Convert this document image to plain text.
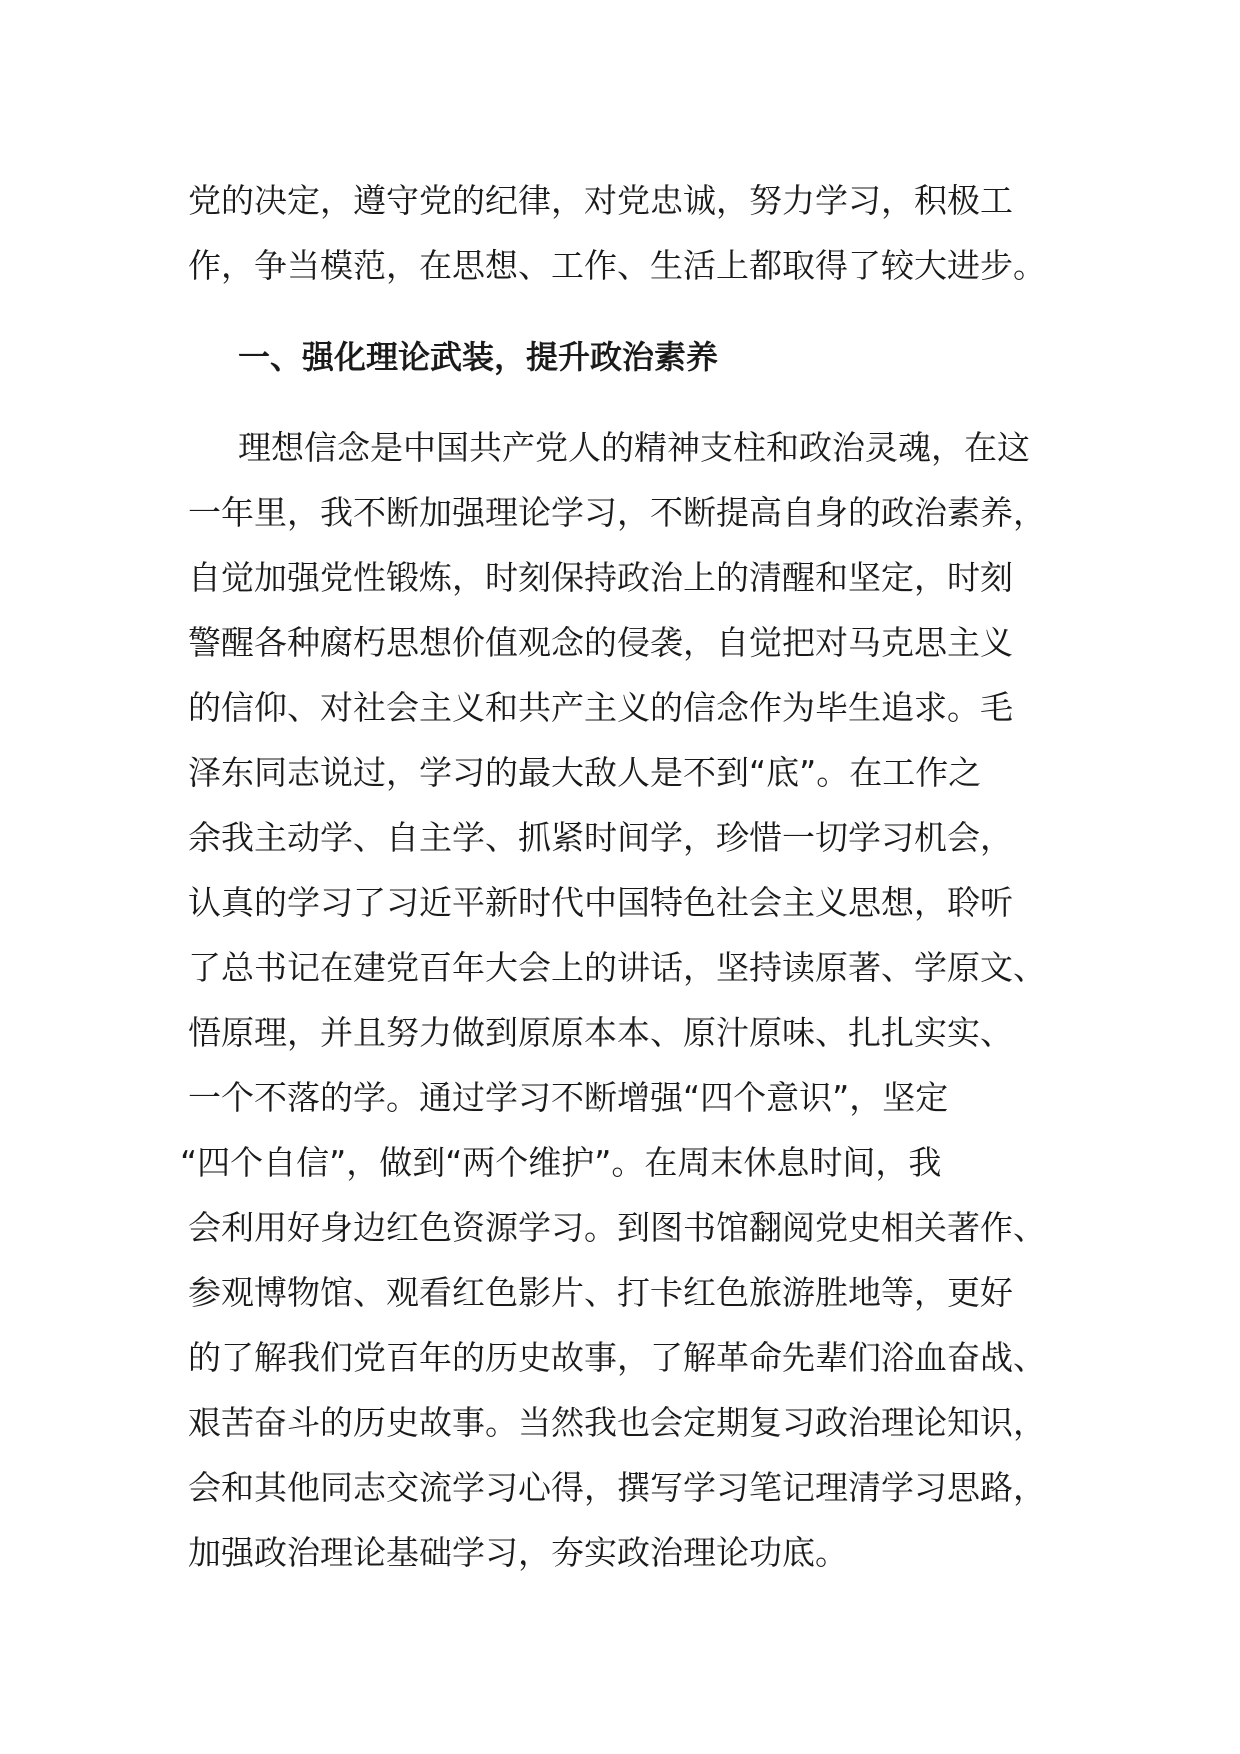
党的决定，遵守党的纪律，对党忠诚，努力学习，积极工
作，争当模范，在思想、工作、生活上都取得了较大进步。
一、强化理论武装，提升政治素养
理想信念是中国共产党人的精神支柱和政治灵魂，在这
一年里，我不断加强理论学习，不断提高自身的政治素养，
自觉加强党性锻炼，时刻保持政治上的清醒和坚定，时刻
警醒各种腐朽思想价值观念的侵袭，自觉把对马克思主义
的信仰、对社会主义和共产主义的信念作为毕生追求。毛
泽东同志说过，学习的最大敌人是不到“底”。在工作之
余我主动学、自主学、抓紧时间学，珍惜一切学习机会，
认真的学习了习近平新时代中国特色社会主义思想，聆听
了总书记在建党百年大会上的讲话，坚持读原著、学原文、
悟原理，并且努力做到原原本本、原汁原味、扎扎实实、
一个不落的学。通过学习不断增强“四个意识”，坚定
“四个自信”，做到“两个维护”。在周末休息时间，我
会利用好身边红色资源学习。到图书馆翻阅党史相关著作、
参观博物馆、观看红色影片、打卡红色旅游胜地等，更好
的了解我们党百年的历史故事，了解革命先辈们浴血奋战、
艰苦奋斗的历史故事。当然我也会定期复习政治理论知识，
会和其他同志交流学习心得，撰写学习笔记理清学习思路，
加强政治理论基础学习，夯实政治理论功底。
